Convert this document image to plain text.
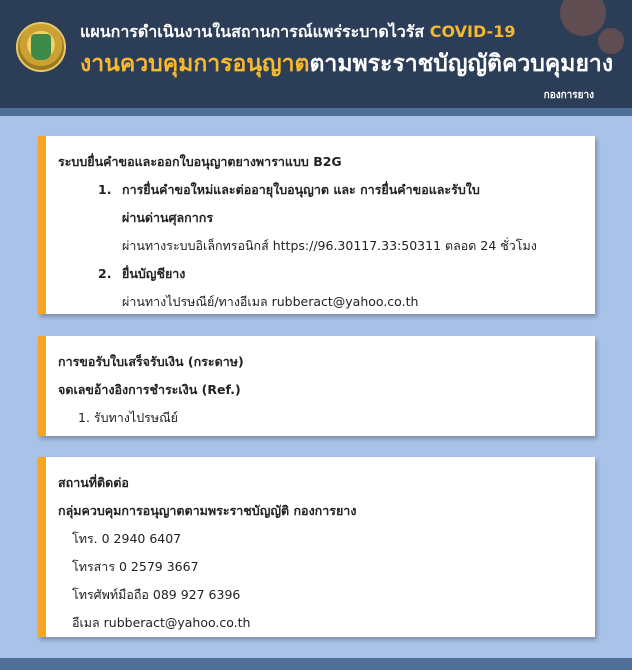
แผนการดำเนินงานในสถานการณ์แพร่ระบาดไวรัส COVID-19
งานควบคุมการอนุญาตตามพระราชบัญญัติควบคุมยาง
กองการยาง
ระบบยื่นคำขอและออกใบอนุญาตยางพาราแบบ B2G
1. การยื่นคำขอใหม่และต่ออายุใบอนุญาต และ การยื่นคำขอและรับใบ
ผ่านด่านศุลกากร
ผ่านทางระบบอิเล็กทรอนิกส์ https://96.30117.33:50311 ตลอด 24 ชั่วโมง
2. ยื่นบัญชียาง
ผ่านทางไปรษณีย์/ทางอีเมล rubberact@yahoo.co.th
การขอรับใบเสร็จรับเงิน (กระดาษ)
จดเลขอ้างอิงการชำระเงิน (Ref.)
1. รับทางไปรษณีย์
สถานที่ติดต่อ
กลุ่มควบคุมการอนุญาตตามพระราชบัญญัติ กองการยาง
โทร. 0 2940 6407
โทรสาร 0 2579 3667
โทรศัพท์มือถือ 089 927 6396
อีเมล rubberact@yahoo.co.th
